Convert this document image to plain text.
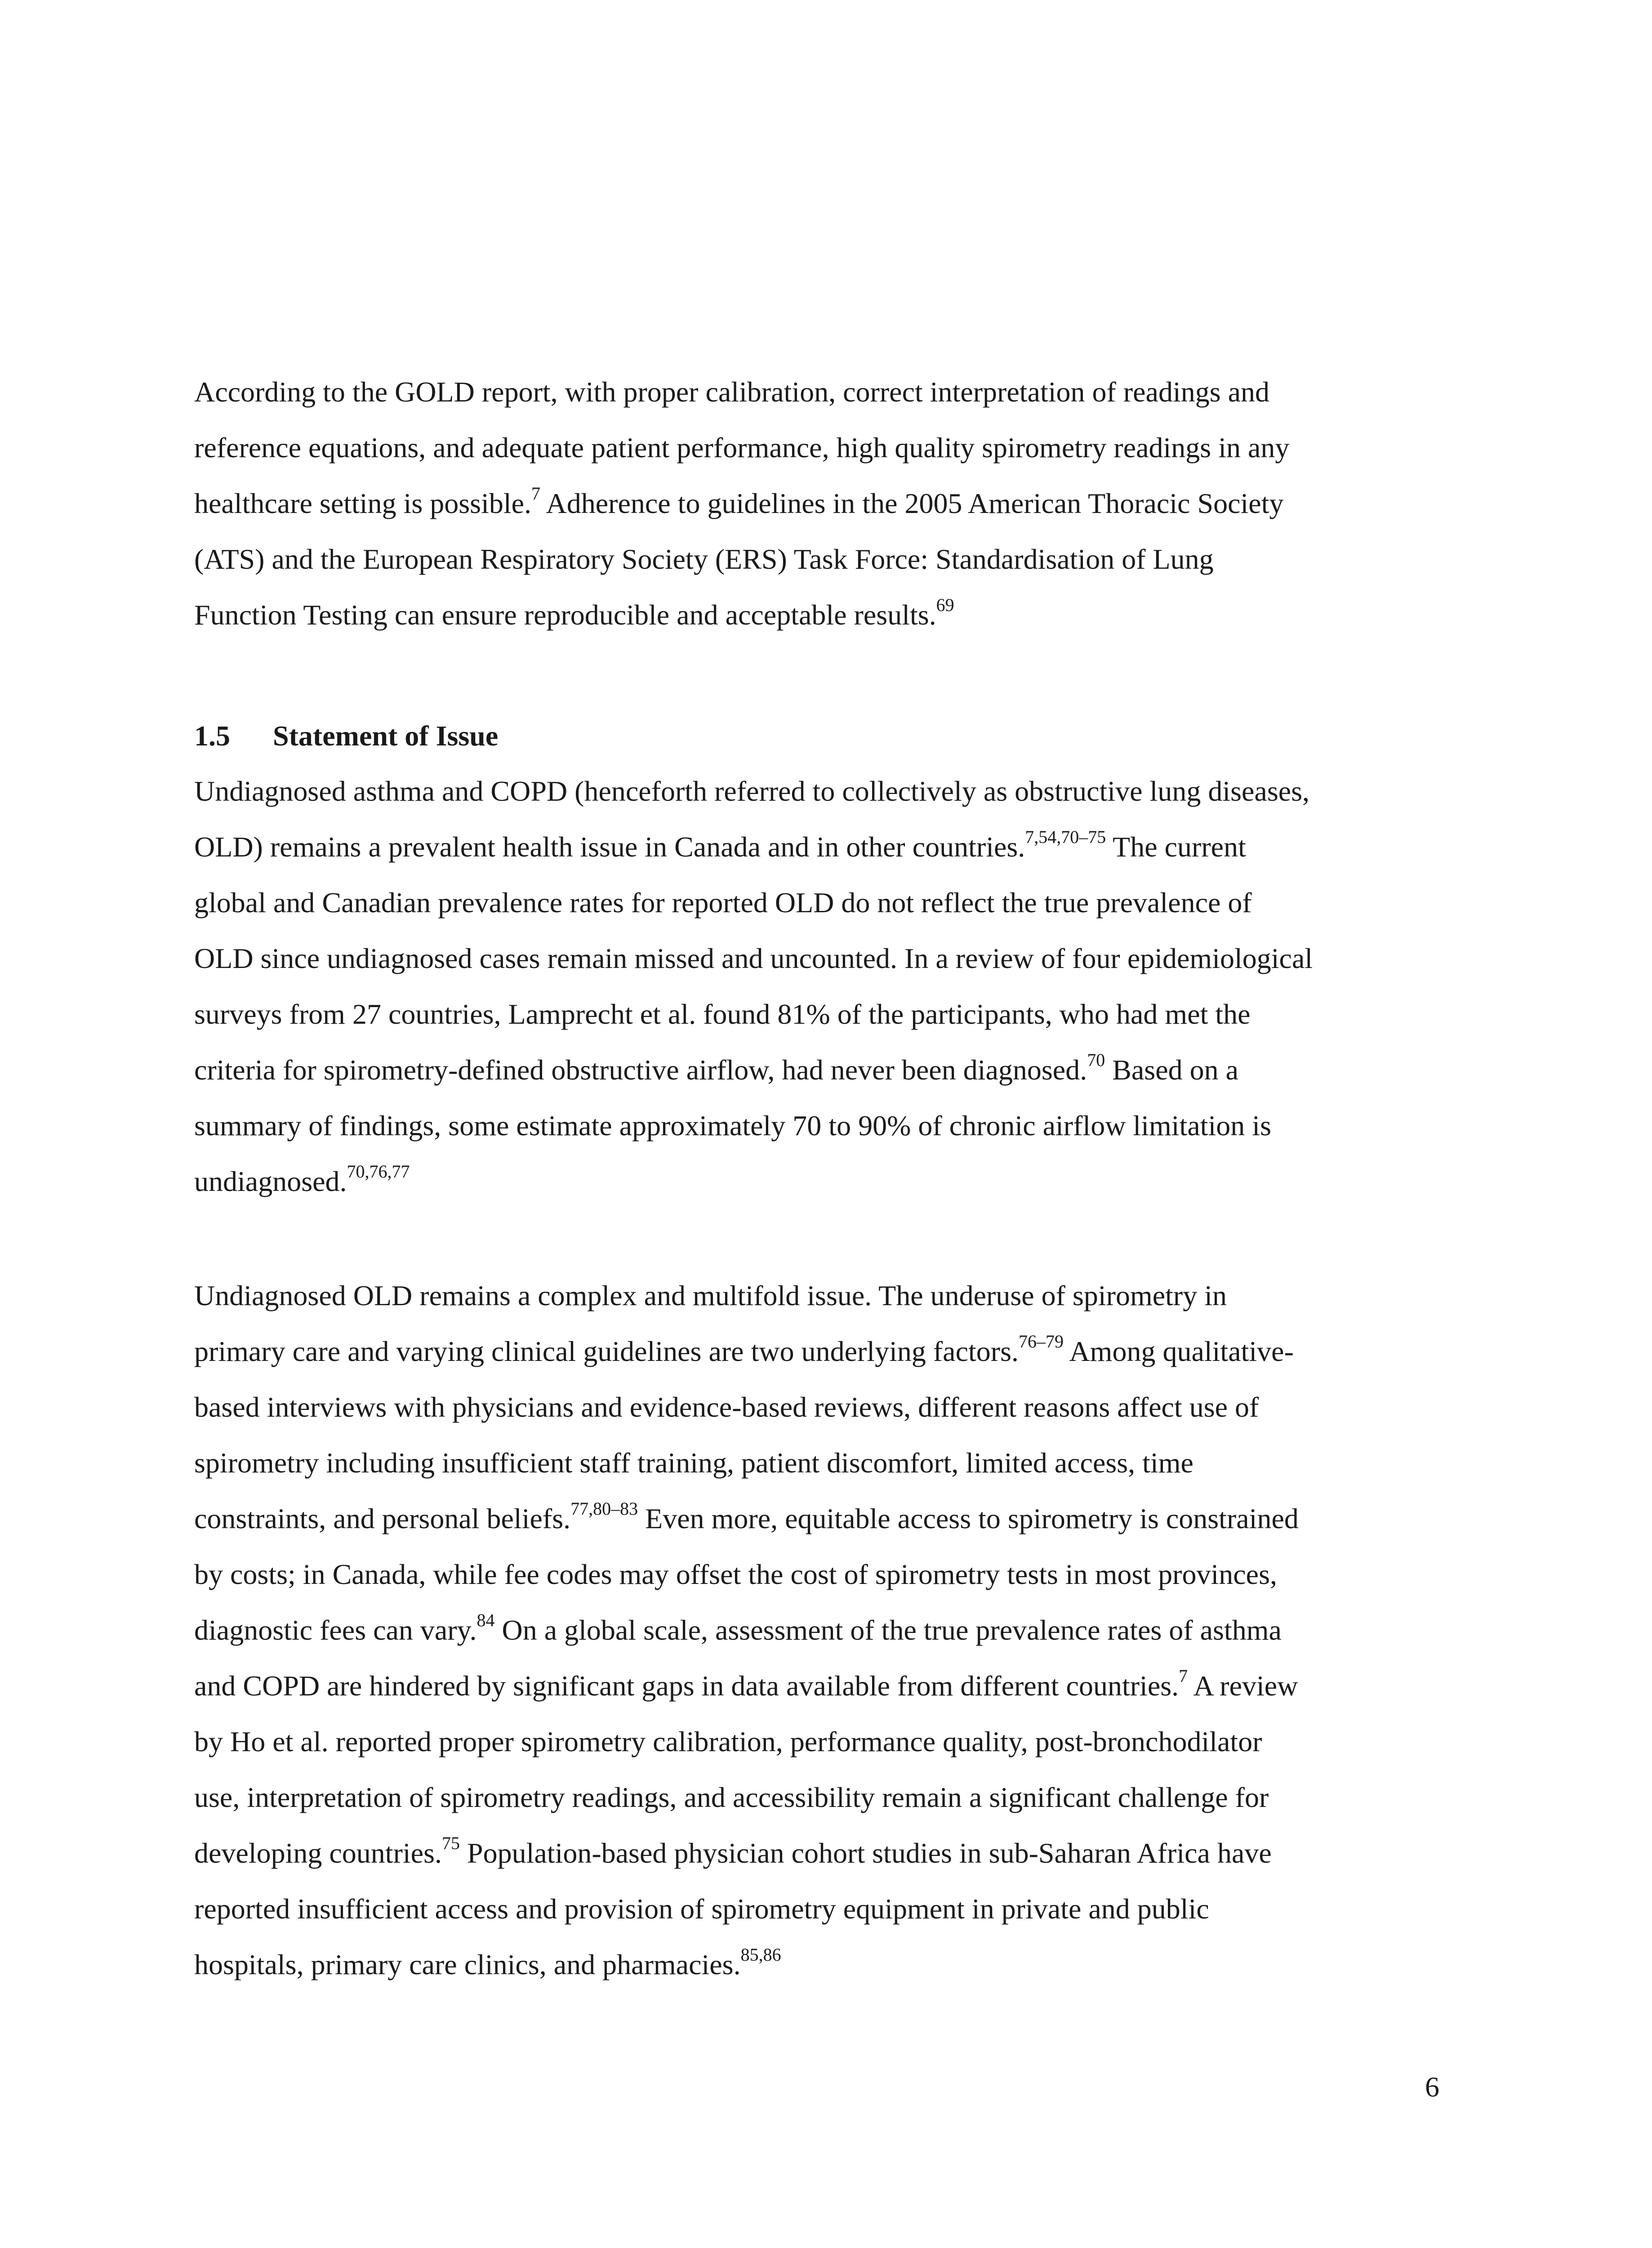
According to the GOLD report, with proper calibration, correct interpretation of readings and
reference equations, and adequate patient performance, high quality spirometry readings in any
healthcare setting is possible.$^7$ Adherence to guidelines in the 2005 American Thoracic Society
(ATS) and the European Respiratory Society (ERS) Task Force: Standardisation of Lung
Function Testing can ensure reproducible and acceptable results.$^{69}$

1.5 Statement of Issue

Undiagnosed asthma and COPD (henceforth referred to collectively as obstructive lung diseases,
OLD) remains a prevalent health issue in Canada and in other countries.$^{7,54,70-75}$ The current
global and Canadian prevalence rates for reported OLD do not reflect the true prevalence of
OLD since undiagnosed cases remain missed and uncounted. In a review of four epidemiological
surveys from 27 countries, Lamprecht et al. found 81% of the participants, who had met the
criteria for spirometry-defined obstructive airflow, had never been diagnosed.$^{70}$ Based on a
summary of findings, some estimate approximately 70 to 90% of chronic airflow limitation is
undiagnosed.$^{70,76,77}$

Undiagnosed OLD remains a complex and multifold issue. The underuse of spirometry in
primary care and varying clinical guidelines are two underlying factors.$^{76-79}$ Among qualitative-
based interviews with physicians and evidence-based reviews, different reasons affect use of
spirometry including insufficient staff training, patient discomfort, limited access, time
constraints, and personal beliefs.$^{77,80-83}$ Even more, equitable access to spirometry is constrained
by costs; in Canada, while fee codes may offset the cost of spirometry tests in most provinces,
diagnostic fees can vary.$^{84}$ On a global scale, assessment of the true prevalence rates of asthma
and COPD are hindered by significant gaps in data available from different countries.$^7$ A review
by Ho et al. reported proper spirometry calibration, performance quality, post-bronchodilator
use, interpretation of spirometry readings, and accessibility remain a significant challenge for
developing countries.$^{75}$ Population-based physician cohort studies in sub-Saharan Africa have
reported insufficient access and provision of spirometry equipment in private and public
hospitals, primary care clinics, and pharmacies.$^{85,86}$

6
